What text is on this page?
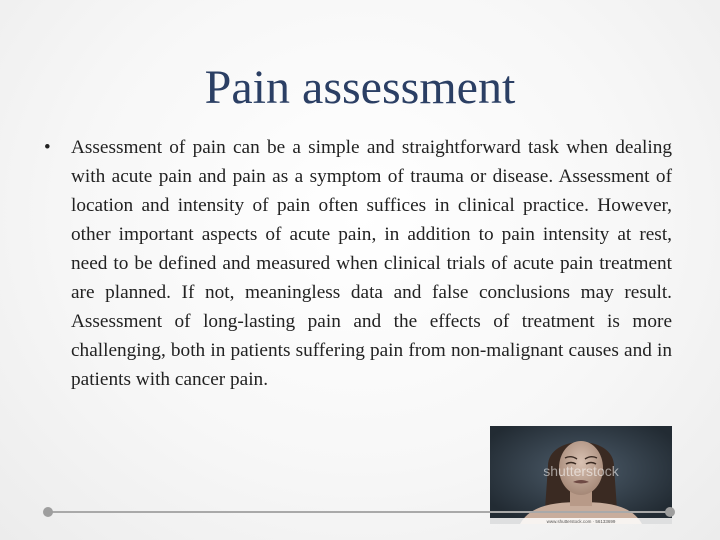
Pain assessment
•	Assessment of pain can be a simple and straightforward task when dealing with acute pain and pain as a symptom of trauma or disease. Assessment of location and intensity of pain often suffices in clinical practice. However, other important aspects of acute pain, in addition to pain intensity at rest, need to be defined and measured when clinical trials of acute pain treatment are planned. If not, meaningless data and false conclusions may result. Assessment of long-lasting pain and the effects of treatment is more challenging, both in patients suffering pain from non-malignant causes and in patients with cancer pain.

shutterstock
www.shutterstock.com · 56133699
